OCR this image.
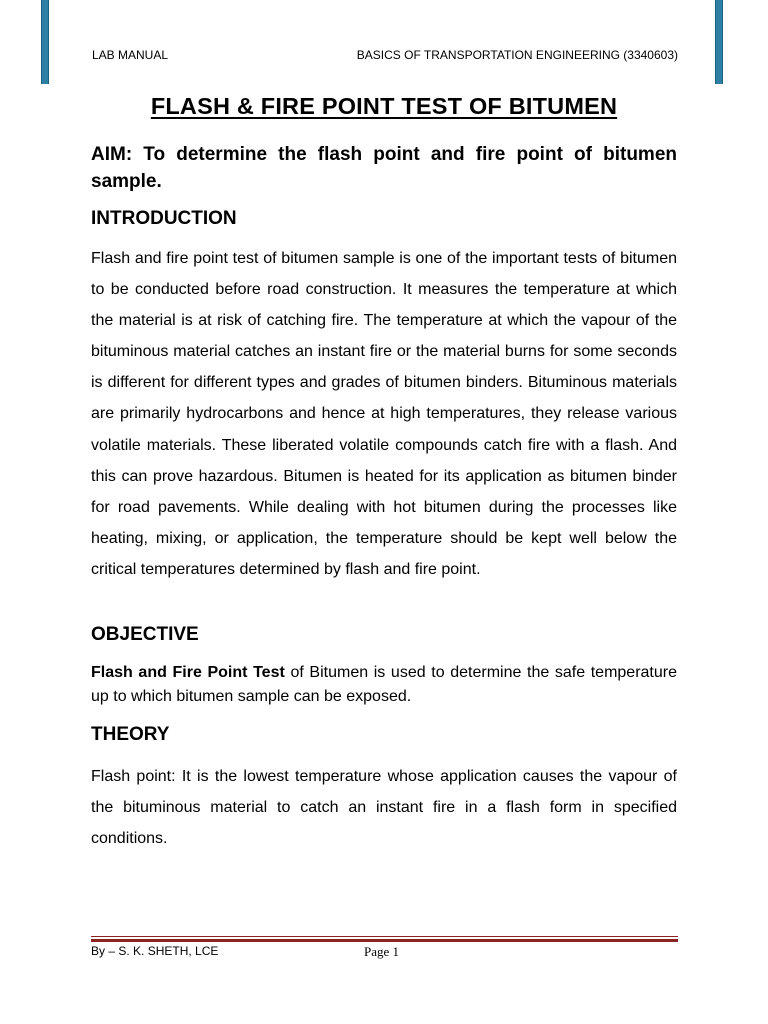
LAB MANUAL	BASICS OF TRANSPORTATION ENGINEERING (3340603)
FLASH & FIRE POINT TEST OF BITUMEN
AIM: To determine the flash point and fire point of bitumen sample.
INTRODUCTION
Flash and fire point test of bitumen sample is one of the important tests of bitumen to be conducted before road construction. It measures the temperature at which the material is at risk of catching fire. The temperature at which the vapour of the bituminous material catches an instant fire or the material burns for some seconds is different for different types and grades of bitumen binders. Bituminous materials are primarily hydrocarbons and hence at high temperatures, they release various volatile materials. These liberated volatile compounds catch fire with a flash. And this can prove hazardous. Bitumen is heated for its application as bitumen binder for road pavements. While dealing with hot bitumen during the processes like heating, mixing, or application, the temperature should be kept well below the critical temperatures determined by flash and fire point.
OBJECTIVE
Flash and Fire Point Test of Bitumen is used to determine the safe temperature up to which bitumen sample can be exposed.
THEORY
Flash point: It is the lowest temperature whose application causes the vapour of the bituminous material to catch an instant fire in a flash form in specified conditions.
By – S. K. SHETH, LCE	Page 1
